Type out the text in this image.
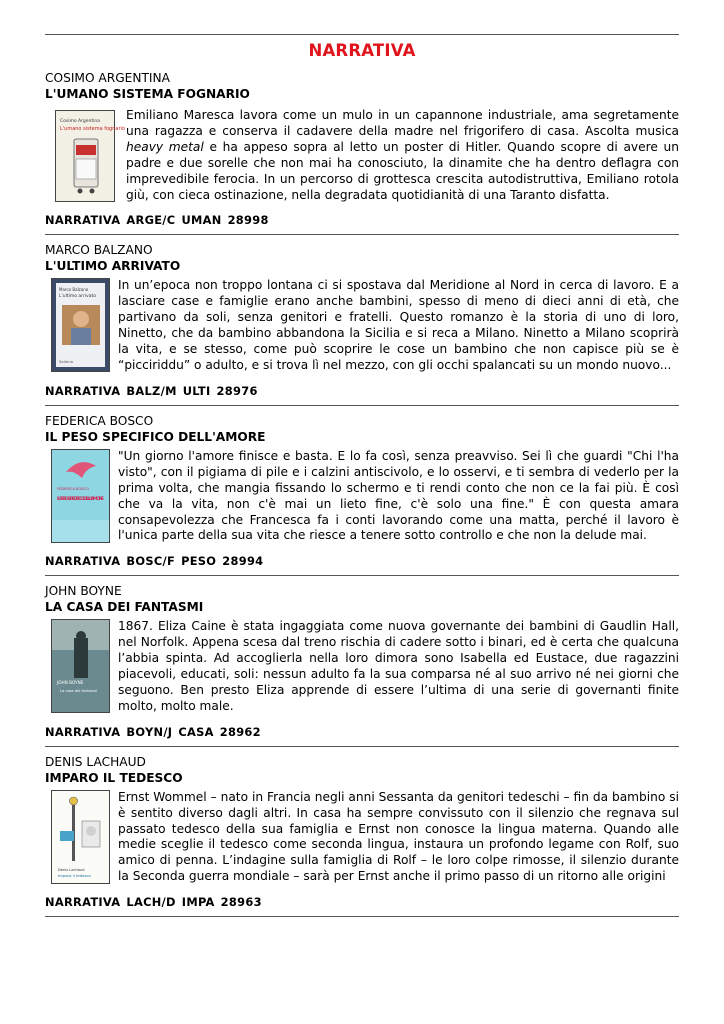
NARRATIVA
COSIMO ARGENTINA
L'UMANO SISTEMA FOGNARIO
Cosimo Argentina
L'umano sistema fognario
Emiliano Maresca lavora come un mulo in un capannone industriale, ama segretamente una ragazza e conserva il cadavere della madre nel frigorifero di casa. Ascolta musica heavy metal e ha appeso sopra al letto un poster di Hitler. Quando scopre di avere un padre e due sorelle che non mai ha conosciuto, la dinamite che ha dentro deflagra con imprevedibile ferocia. In un percorso di grottesca crescita autodistruttiva, Emiliano rotola giù, con cieca ostinazione, nella degradata quotidianità di una Taranto disfatta.
NARRATIVA ARGE/C UMAN 28998
MARCO BALZANO
L'ULTIMO ARRIVATO
Marco Balzano
L'ultimo arrivato
Sellerio
In un’epoca non troppo lontana ci si spostava dal Meridione al Nord in cerca di lavoro. E a lasciare case e famiglie erano anche bambini, spesso di meno di dieci anni di età, che partivano da soli, senza genitori e fratelli. Questo romanzo è la storia di uno di loro, Ninetto, che da bambino abbandona la Sicilia e si reca a Milano. Ninetto a Milano scoprirà la vita, e se stesso, come può scoprire le cose un bambino che non capisce più se è “picciriddu” o adulto, e si trova lì nel mezzo, con gli occhi spalancati su un mondo nuovo...
NARRATIVA BALZ/M ULTI 28976
FEDERICA BOSCO
IL PESO SPECIFICO DELL'AMORE
FEDERICA BOSCO
IL PESO SPECIFICO DELL'AMORE
"Un giorno l'amore finisce e basta. E lo fa così, senza preavviso. Sei lì che guardi "Chi l'ha visto", con il pigiama di pile e i calzini antiscivolo, e lo osservi, e ti sembra di vederlo per la prima volta, che mangia fissando lo schermo e ti rendi conto che non ce la fai più. È così che va la vita, non c'è mai un lieto fine, c'è solo una fine." È con questa amara consapevolezza che Francesca fa i conti lavorando come una matta, perché il lavoro è l'unica parte della sua vita che riesce a tenere sotto controllo e che non la delude mai.
NARRATIVA BOSC/F PESO 28994
JOHN BOYNE
LA CASA DEI FANTASMI
JOHN BOYNE
La casa dei fantasmi
1867. Eliza Caine è stata ingaggiata come nuova governante dei bambini di Gaudlin Hall, nel Norfolk. Appena scesa dal treno rischia di cadere sotto i binari, ed è certa che qualcuna l’abbia spinta. Ad accoglierla nella loro dimora sono Isabella ed Eustace, due ragazzini piacevoli, educati, soli: nessun adulto fa la sua comparsa né al suo arrivo né nei giorni che seguono. Ben presto Eliza apprende di essere l’ultima di una serie di governanti finite molto, molto male.
NARRATIVA BOYN/J CASA 28962
DENIS LACHAUD
IMPARO IL TEDESCO
Denis Lachaud
Imparo il tedesco
Ernst Wommel – nato in Francia negli anni Sessanta da genitori tedeschi – fin da bambino si è sentito diverso dagli altri. In casa ha sempre convissuto con il silenzio che regnava sul passato tedesco della sua famiglia e Ernst non conosce la lingua materna. Quando alle medie sceglie il tedesco come seconda lingua, instaura un profondo legame con Rolf, suo amico di penna. L’indagine sulla famiglia di Rolf – le loro colpe rimosse, il silenzio durante la Seconda guerra mondiale – sarà per Ernst anche il primo passo di un ritorno alle origini
NARRATIVA LACH/D IMPA 28963
